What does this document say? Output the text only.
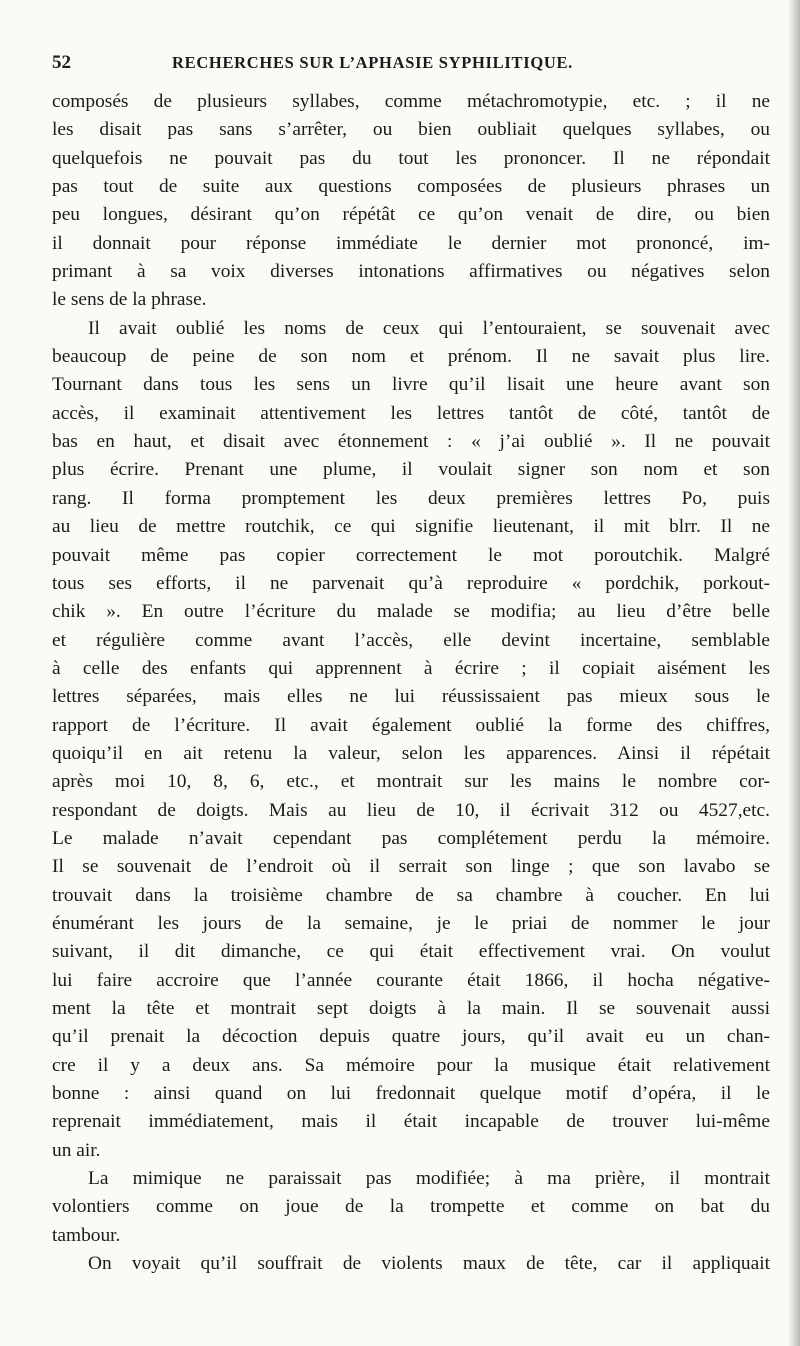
52	RECHERCHES SUR L’APHASIE SYPHILITIQUE.
composés de plusieurs syllabes, comme métachromotypie, etc. ; il ne
les disait pas sans s’arrêter, ou bien oubliait quelques syllabes, ou
quelquefois ne pouvait pas du tout les prononcer. Il ne répondait
pas tout de suite aux questions composées de plusieurs phrases un
peu longues, désirant qu’on répétât ce qu’on venait de dire, ou bien
il donnait pour réponse immédiate le dernier mot prononcé, im-
primant à sa voix diverses intonations affirmatives ou négatives selon
le sens de la phrase.
Il avait oublié les noms de ceux qui l’entouraient, se souvenait avec
beaucoup de peine de son nom et prénom. Il ne savait plus lire.
Tournant dans tous les sens un livre qu’il lisait une heure avant son
accès, il examinait attentivement les lettres tantôt de côté, tantôt de
bas en haut, et disait avec étonnement : « j’ai oublié ». Il ne pouvait
plus écrire. Prenant une plume, il voulait signer son nom et son
rang. Il forma promptement les deux premières lettres Po, puis
au lieu de mettre routchik, ce qui signifie lieutenant, il mit blrr. Il ne
pouvait même pas copier correctement le mot poroutchik. Malgré
tous ses efforts, il ne parvenait qu’à reproduire « pordchik, porkout-
chik ». En outre l’écriture du malade se modifia; au lieu d’être belle
et régulière comme avant l’accès, elle devint incertaine, semblable
à celle des enfants qui apprennent à écrire ; il copiait aisément les
lettres séparées, mais elles ne lui réussissaient pas mieux sous le
rapport de l’écriture. Il avait également oublié la forme des chiffres,
quoiqu’il en ait retenu la valeur, selon les apparences. Ainsi il répétait
après moi 10, 8, 6, etc., et montrait sur les mains le nombre cor-
respondant de doigts. Mais au lieu de 10, il écrivait 312 ou 4527,etc.
Le malade n’avait cependant pas complétement perdu la mémoire.
Il se souvenait de l’endroit où il serrait son linge ; que son lavabo se
trouvait dans la troisième chambre de sa chambre à coucher. En lui
énumérant les jours de la semaine, je le priai de nommer le jour
suivant, il dit dimanche, ce qui était effectivement vrai. On voulut
lui faire accroire que l’année courante était 1866, il hocha négative-
ment la tête et montrait sept doigts à la main. Il se souvenait aussi
qu’il prenait la décoction depuis quatre jours, qu’il avait eu un chan-
cre il y a deux ans. Sa mémoire pour la musique était relativement
bonne : ainsi quand on lui fredonnait quelque motif d’opéra, il le
reprenait immédiatement, mais il était incapable de trouver lui-même
un air.
La mimique ne paraissait pas modifiée; à ma prière, il montrait
volontiers comme on joue de la trompette et comme on bat du
tambour.
On voyait qu’il souffrait de violents maux de tête, car il appliquait
